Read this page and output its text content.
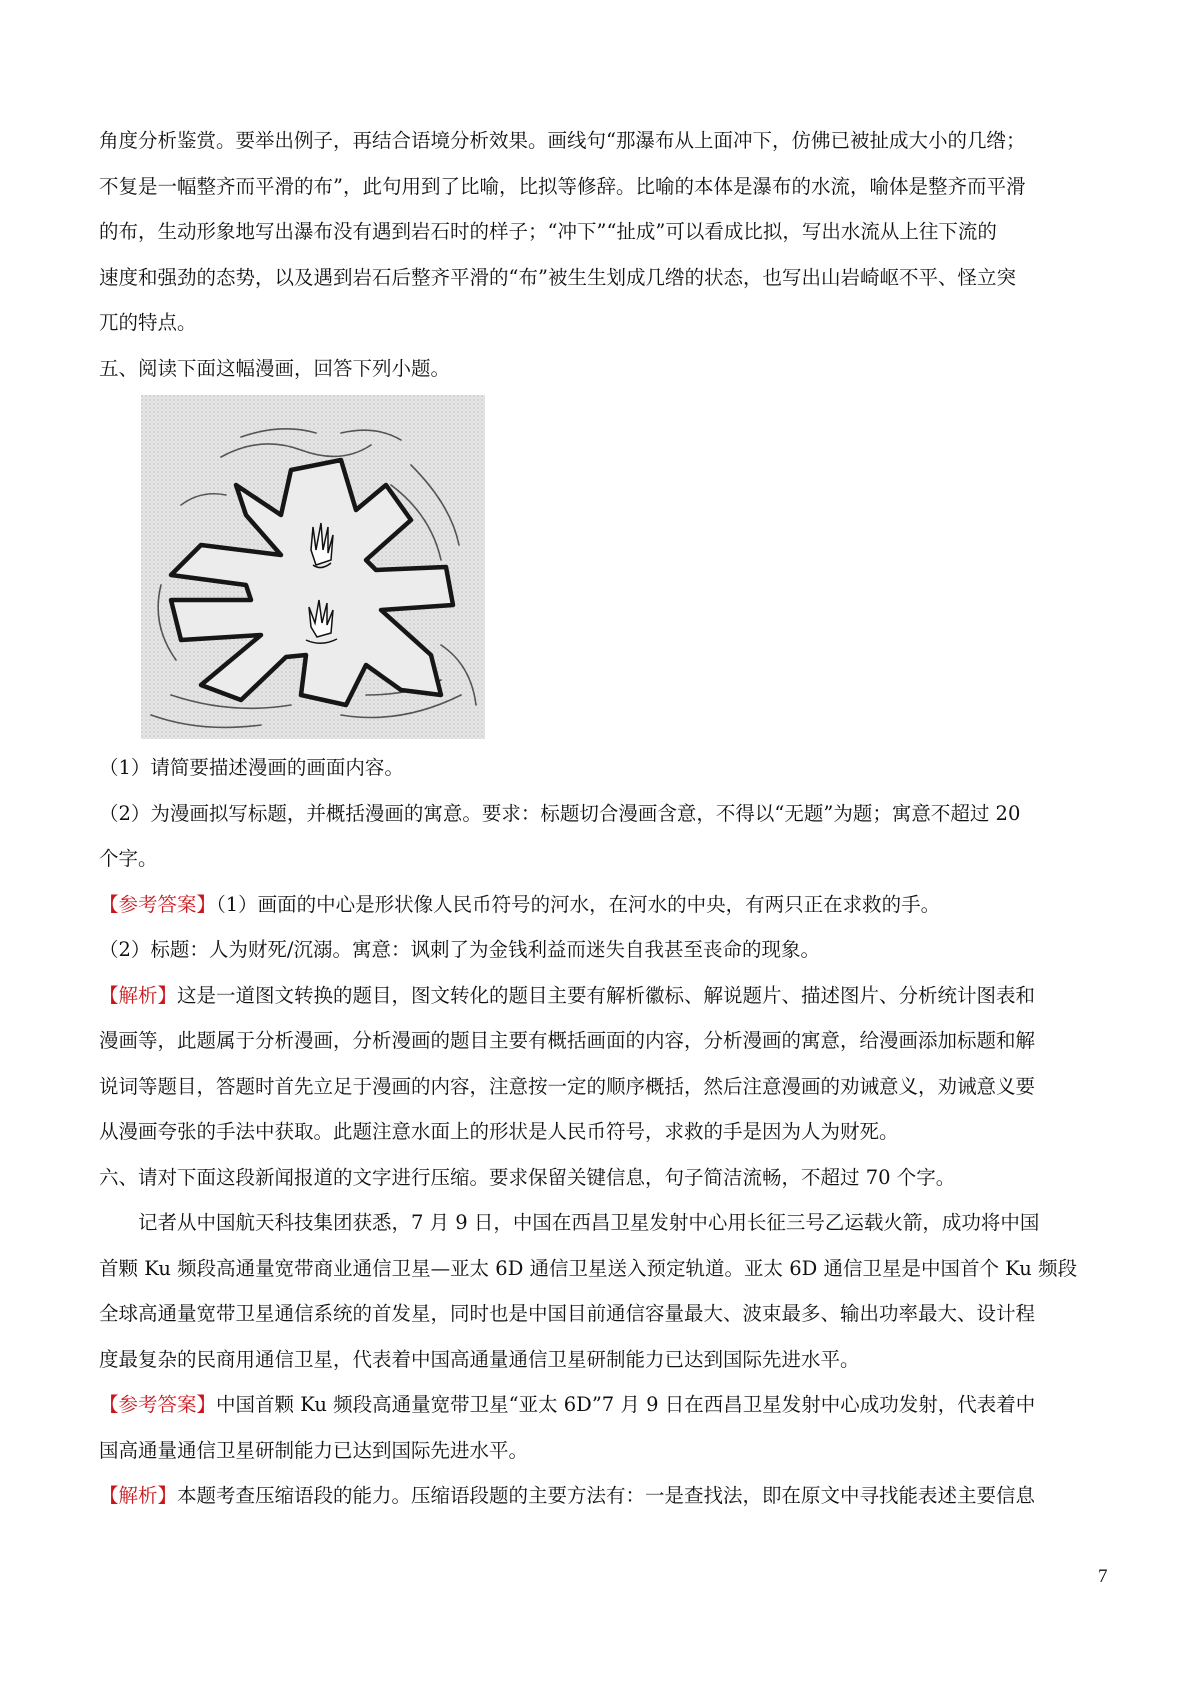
角度分析鉴赏。要举出例子，再结合语境分析效果。画线句“那瀑布从上面冲下，仿佛已被扯成大小的几绺；

不复是一幅整齐而平滑的布”，此句用到了比喻，比拟等修辞。比喻的本体是瀑布的水流，喻体是整齐而平滑

的布，生动形象地写出瀑布没有遇到岩石时的样子；“冲下”“扯成”可以看成比拟，写出水流从上往下流的

速度和强劲的态势，以及遇到岩石后整齐平滑的“布”被生生划成几绺的状态，也写出山岩崎岖不平、怪立突

兀的特点。

五、阅读下面这幅漫画，回答下列小题。

（1）请简要描述漫画的画面内容。

（2）为漫画拟写标题，并概括漫画的寓意。要求：标题切合漫画含意，不得以“无题”为题；寓意不超过 20

个字。

【参考答案】（1）画面的中心是形状像人民币符号的河水，在河水的中央，有两只正在求救的手。

（2）标题：人为财死/沉溺。寓意：讽刺了为金钱利益而迷失自我甚至丧命的现象。

【解析】这是一道图文转换的题目，图文转化的题目主要有解析徽标、解说题片、描述图片、分析统计图表和

漫画等，此题属于分析漫画，分析漫画的题目主要有概括画面的内容，分析漫画的寓意，给漫画添加标题和解

说词等题目，答题时首先立足于漫画的内容，注意按一定的顺序概括，然后注意漫画的劝诫意义，劝诫意义要

从漫画夸张的手法中获取。此题注意水面上的形状是人民币符号，求救的手是因为人为财死。

六、请对下面这段新闻报道的文字进行压缩。要求保留关键信息，句子简洁流畅，不超过 70 个字。

记者从中国航天科技集团获悉，7 月 9 日，中国在西昌卫星发射中心用长征三号乙运载火箭，成功将中国

首颗 Ku 频段高通量宽带商业通信卫星—亚太 6D 通信卫星送入预定轨道。亚太 6D 通信卫星是中国首个 Ku 频段

全球高通量宽带卫星通信系统的首发星，同时也是中国目前通信容量最大、波束最多、输出功率最大、设计程

度最复杂的民商用通信卫星，代表着中国高通量通信卫星研制能力已达到国际先进水平。

【参考答案】中国首颗 Ku 频段高通量宽带卫星“亚太 6D”7 月 9 日在西昌卫星发射中心成功发射，代表着中

国高通量通信卫星研制能力已达到国际先进水平。

【解析】本题考查压缩语段的能力。压缩语段题的主要方法有：一是查找法，即在原文中寻找能表述主要信息

7
